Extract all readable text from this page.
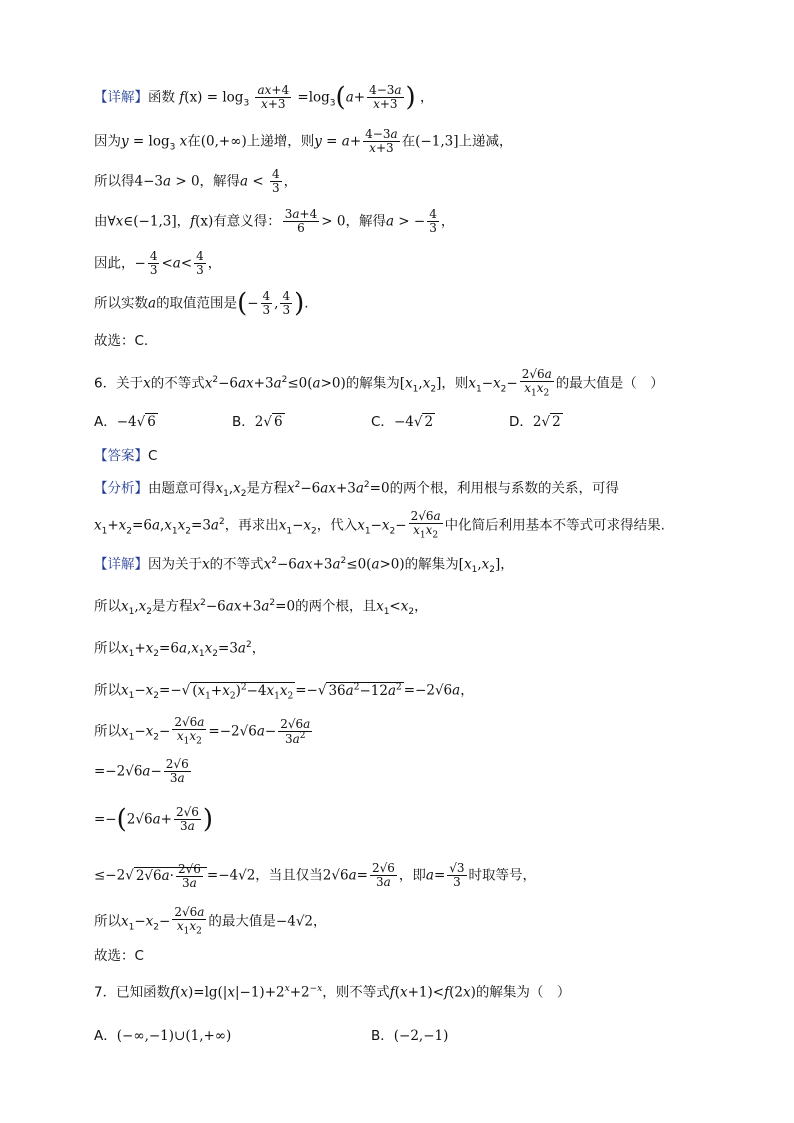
【详解】函数 $f(x) = \log_3 \frac{ax+4}{x+3} =\log_3(a+ \frac{4-3a}{x+3}$ ) ，
因为$y = \log_3 x$在(0,+∞)上递增，则$y = a+ \frac{4-3a}{x+3}$ 在(−1,3]上递减，
所以得4−3a > 0，解得$a < \frac{4}{3}$ ，
由∀x∈(−1,3]，f(x)有意义得： $\frac{3a+4}{6} > 0$，解得a > − $\frac{4}{3}$ ，
因此，− $\frac{4}{3} <a< \frac{4}{3}$ ，
所以实数a的取值范围是(− $\frac{4}{3}$ , $\frac{4}{3}$ ).
故选：C.
6．关于x的不等式$x^2-6ax+3a^2\le 0(a>0)$的解集为$[x_1,x_2]$，则$x_1-x_2- \frac{2√6a}{x_1x_2}$ 的最大值是（　）
A．−4√ 6	B．2√ 6	C．−4√ 2	D．2√ 2
【答案】C
【分析】由题意可得$x_1,x_2$是方程$x^2-6ax+3a^2=0$的两个根，利用根与系数的关系，可得
$x_1+x_2=6a,x_1x_2=3a^2$，再求出$x_1-x_2$，代入$x_1-x_2- \frac{2√6a}{x_1x_2}$ 中化简后利用基本不等式可求得结果.
【详解】因为关于x的不等式$x^2-6ax+3a^2\le 0(a>0)$的解集为$[x_1,x_2]$，
所以$x_1,x_2$是方程$x^2-6ax+3a^2=0$的两个根，且$x_1<x_2$，
所以$x_1+x_2=6a,x_1x_2=3a^2$，
所以$x_1-x_2=-√$ $(x_1+x_2)^2-4x_1x_2$ =−√ $36a^2-12a^2 =-2√6a$，
所以$x_1-x_2- \frac{2√6a}{x_1x_2} =-2√6a- \frac{2√6a}{3a^2}$
$=-2√6a- \frac{2√6}{3a}$
$=-(2√6a+ \frac{2√6}{3a}$ )
≤−2√ $2√6a\cdot \frac{2√6}{3a} =-4√2$，当且仅当$2√6a= \frac{2√6}{3a}$ ，即$a= \frac{√3}{3}$ 时取等号，
所以$x_1-x_2- \frac{2√6a}{x_1x_2}$ 的最大值是−4√2，
故选：C
7．已知函数$f(x)=\lg(|x|-1)+2^x+2^{-x}$，则不等式f(x+1)<f(2x)的解集为（　）
A．(−∞,−1)∪(1,+∞)	B．(−2,−1)
